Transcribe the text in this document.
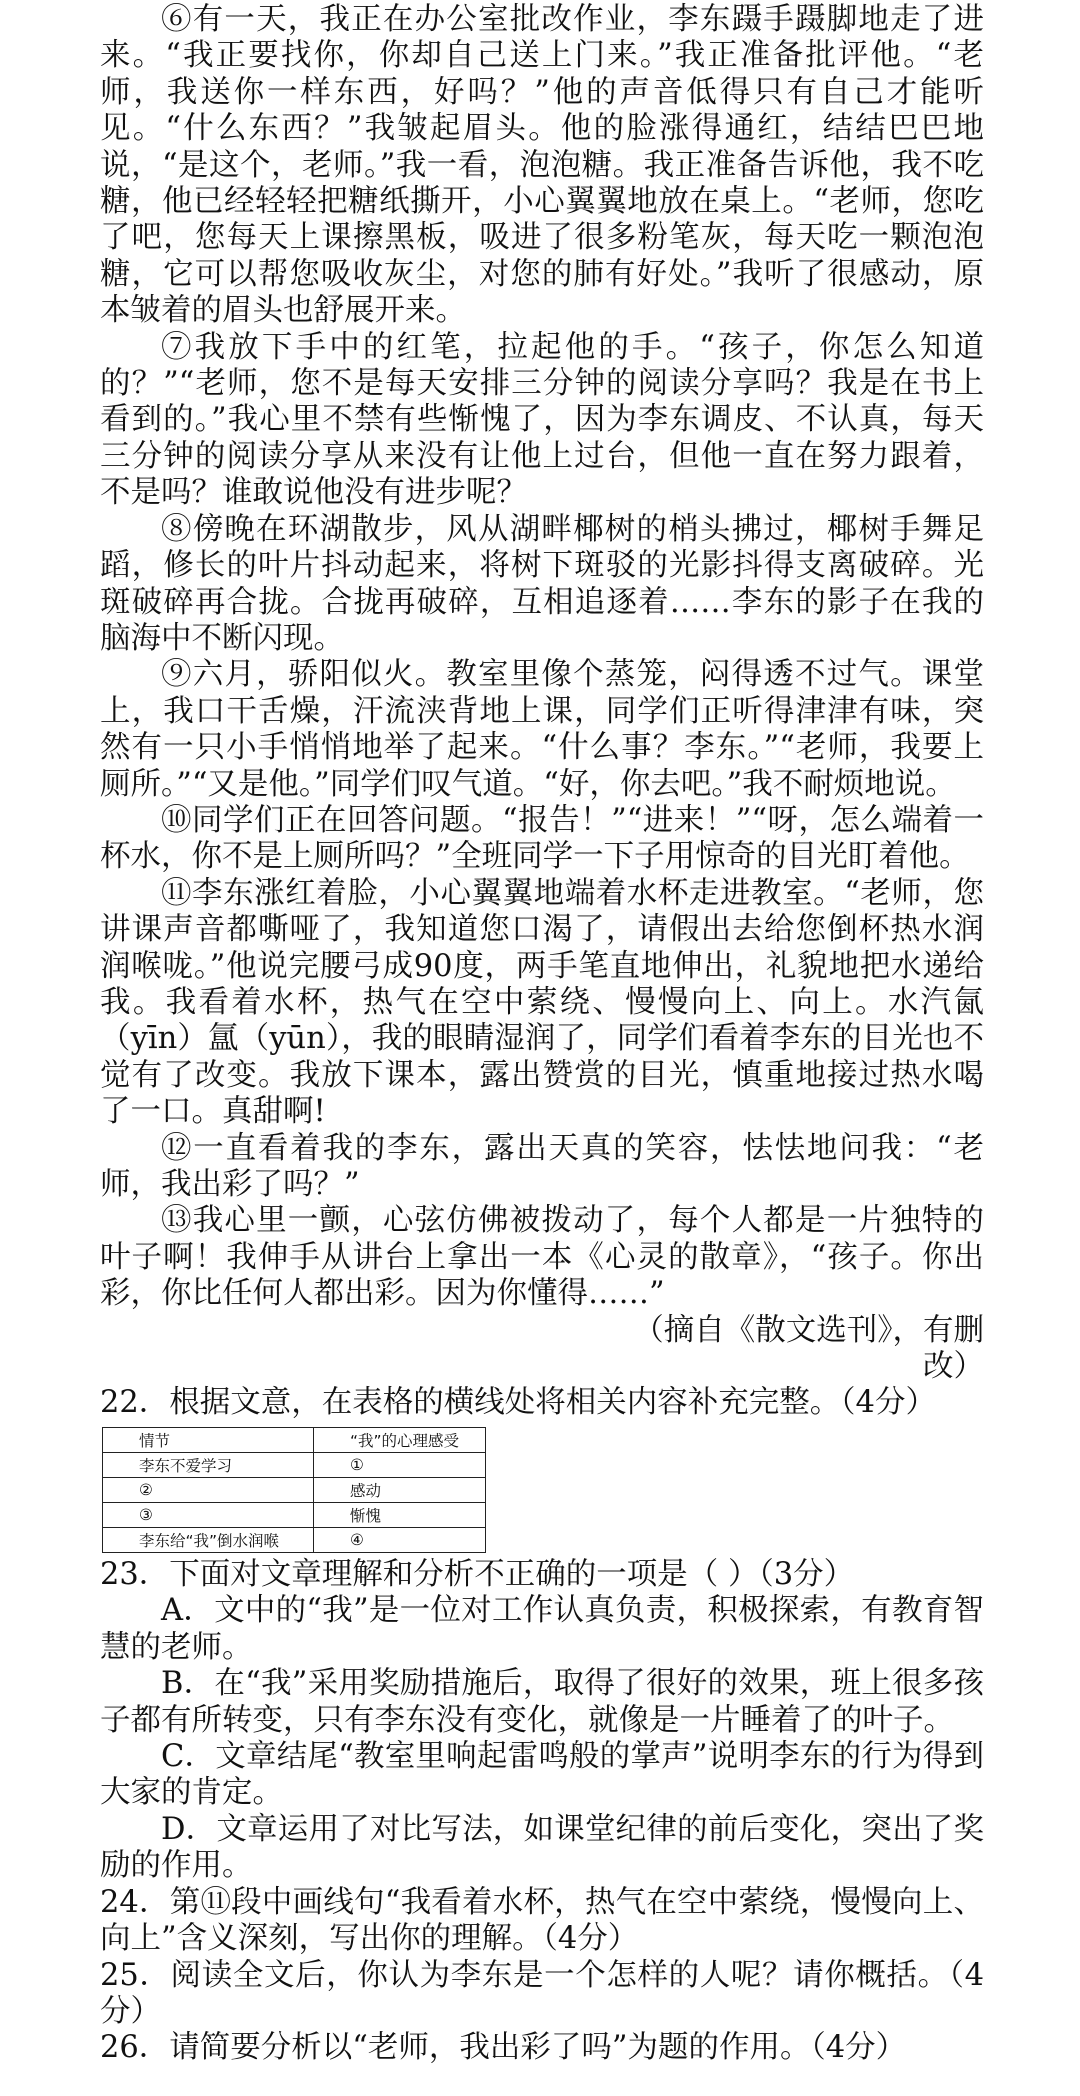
⑥有一天，我正在办公室批改作业，李东蹑手蹑脚地走了进来。“我正要找你，你却自己送上门来。”我正准备批评他。“老师，我送你一样东西，好吗？”他的声音低得只有自己才能听见。“什么东西？”我皱起眉头。他的脸涨得通红，结结巴巴地说，“是这个，老师。”我一看，泡泡糖。我正准备告诉他，我不吃糖，他已经轻轻把糖纸撕开，小心翼翼地放在桌上。“老师，您吃了吧，您每天上课擦黑板，吸进了很多粉笔灰，每天吃一颗泡泡糖，它可以帮您吸收灰尘，对您的肺有好处。”我听了很感动，原本皱着的眉头也舒展开来。

⑦我放下手中的红笔，拉起他的手。“孩子，你怎么知道的？”“老师，您不是每天安排三分钟的阅读分享吗？我是在书上看到的。”我心里不禁有些惭愧了，因为李东调皮、不认真，每天三分钟的阅读分享从来没有让他上过台，但他一直在努力跟着，不是吗？谁敢说他没有进步呢？

⑧傍晚在环湖散步，风从湖畔椰树的梢头拂过，椰树手舞足蹈，修长的叶片抖动起来，将树下斑驳的光影抖得支离破碎。光斑破碎再合拢。合拢再破碎，互相追逐着……李东的影子在我的脑海中不断闪现。

⑨六月，骄阳似火。教室里像个蒸笼，闷得透不过气。课堂上，我口干舌燥，汗流浃背地上课，同学们正听得津津有味，突然有一只小手悄悄地举了起来。“什么事？李东。”“老师，我要上厕所。”“又是他。”同学们叹气道。“好，你去吧。”我不耐烦地说。

⑩同学们正在回答问题。“报告！”“进来！”“呀，怎么端着一杯水，你不是上厕所吗？”全班同学一下子用惊奇的目光盯着他。

⑪李东涨红着脸，小心翼翼地端着水杯走进教室。“老师，您讲课声音都嘶哑了，我知道您口渴了，请假出去给您倒杯热水润润喉咙。”他说完腰弓成90度，两手笔直地伸出，礼貌地把水递给我。我看着水杯，热气在空中萦绕、慢慢向上、向上。水汽氤（yīn）氲（yūn），我的眼睛湿润了，同学们看着李东的目光也不觉有了改变。我放下课本，露出赞赏的目光，慎重地接过热水喝了一口。真甜啊!

⑫一直看着我的李东，露出天真的笑容，怯怯地问我：“老师，我出彩了吗？”

⑬我心里一颤，心弦仿佛被拨动了，每个人都是一片独特的叶子啊！我伸手从讲台上拿出一本《心灵的散章》，“孩子。你出彩，你比任何人都出彩。因为你懂得……”

（摘自《散文选刊》，有删
改）

22．根据文意，在表格的横线处将相关内容补充完整。（4分）

情节	“我”的心理感受
李东不爱学习	①
②	感动
③	惭愧
李东给“我”倒水润喉	④

23．下面对文章理解和分析不正确的一项是（ ）（3分）

A．文中的“我”是一位对工作认真负责，积极探索，有教育智慧的老师。

B．在“我”采用奖励措施后，取得了很好的效果，班上很多孩子都有所转变，只有李东没有变化，就像是一片睡着了的叶子。

C．文章结尾“教室里响起雷鸣般的掌声”说明李东的行为得到大家的肯定。

D．文章运用了对比写法，如课堂纪律的前后变化，突出了奖励的作用。

24．第⑪段中画线句“我看着水杯，热气在空中萦绕，慢慢向上、向上”含义深刻，写出你的理解。（4分）

25．阅读全文后，你认为李东是一个怎样的人呢？请你概括。（4分）

26．请简要分析以“老师，我出彩了吗”为题的作用。（4分）
